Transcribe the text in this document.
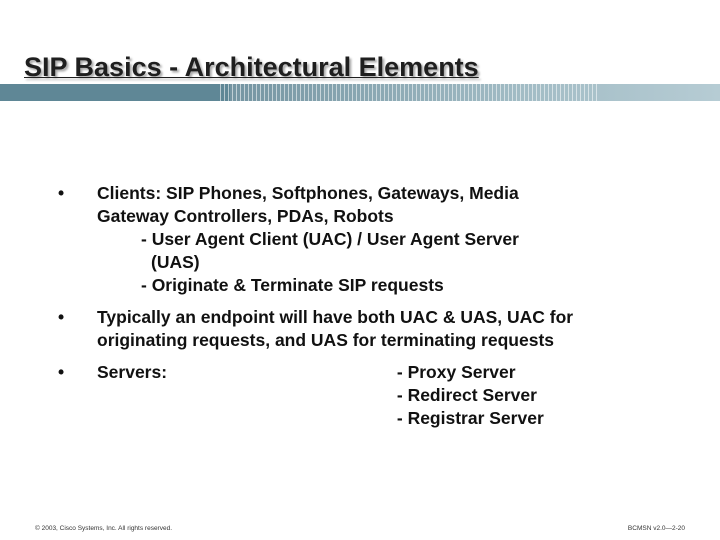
SIP Basics - Architectural Elements
Cisco.com
• Clients: SIP Phones, Softphones, Gateways, Media
Gateway Controllers, PDAs, Robots
- User Agent Client (UAC) / User Agent Server
(UAS)
- Originate & Terminate SIP requests
• Typically an endpoint will have both UAC & UAS, UAC for
originating requests, and UAS for terminating requests
• Servers:	- Proxy Server
- Redirect Server
- Registrar Server
© 2003, Cisco Systems, Inc. All rights reserved.	BCMSN v2.0—2-20
